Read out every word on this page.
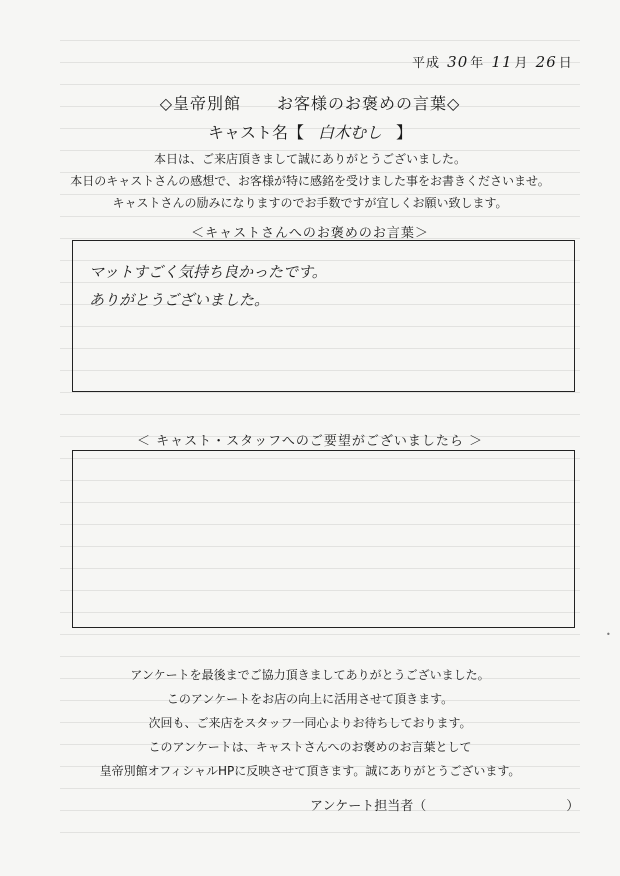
平成 30 年 11 月 26 日
◇皇帝別館 お客様のお褒めの言葉◇
キャスト名【 白木むし 】
本日は、ご来店頂きまして誠にありがとうございました。
本日のキャストさんの感想で、お客様が特に感銘を受けました事をお書きくださいませ。
キャストさんの励みになりますのでお手数ですが宜しくお願い致します。
＜キャストさんへのお褒めのお言葉＞
マットすごく気持ち良かったです。
ありがとうございました。
＜ キャスト・スタッフへのご要望がございましたら ＞
アンケートを最後までご協力頂きましてありがとうございました。
このアンケートをお店の向上に活用させて頂きます。
次回も、ご来店をスタッフ一同心よりお待ちしております。
このアンケートは、キャストさんへのお褒めのお言葉として
皇帝別館オフィシャルHPに反映させて頂きます。誠にありがとうございます。
アンケート担当者（	）
•
